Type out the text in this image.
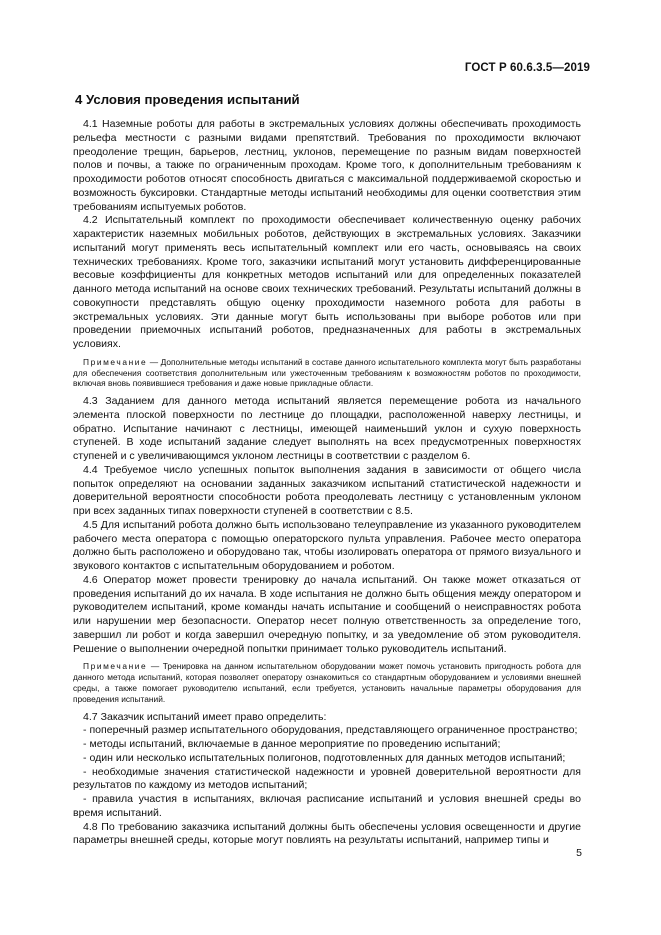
ГОСТ Р 60.6.3.5—2019
4 Условия проведения испытаний

4.1 Наземные роботы для работы в экстремальных условиях должны обеспечивать проходимость рельефа местности с разными видами препятствий. Требования по проходимости включают преодоление трещин, барьеров, лестниц, уклонов, перемещение по разным видам поверхностей полов и почвы, а также по ограниченным проходам. Кроме того, к дополнительным требованиям к проходимости роботов относят способность двигаться с максимальной поддерживаемой скоростью и возможность буксировки. Стандартные методы испытаний необходимы для оценки соответствия этим требованиям испытуемых роботов.

4.2 Испытательный комплект по проходимости обеспечивает количественную оценку рабочих характеристик наземных мобильных роботов, действующих в экстремальных условиях. Заказчики испытаний могут применять весь испытательный комплект или его часть, основываясь на своих технических требованиях. Кроме того, заказчики испытаний могут установить дифференцированные весовые коэффициенты для конкретных методов испытаний или для определенных показателей данного метода испытаний на основе своих технических требований. Результаты испытаний должны в совокупности представлять общую оценку проходимости наземного робота для работы в экстремальных условиях. Эти данные могут быть использованы при выборе роботов или при проведении приемочных испытаний роботов, предназначенных для работы в экстремальных условиях.

Примечание — Дополнительные методы испытаний в составе данного испытательного комплекта могут быть разработаны для обеспечения соответствия дополнительным или ужесточенным требованиям к возможностям роботов по проходимости, включая вновь появившиеся требования и даже новые прикладные области.

4.3 Заданием для данного метода испытаний является перемещение робота из начального элемента плоской поверхности по лестнице до площадки, расположенной наверху лестницы, и обратно. Испытание начинают с лестницы, имеющей наименьший уклон и сухую поверхность ступеней. В ходе испытаний задание следует выполнять на всех предусмотренных поверхностях ступеней и с увеличивающимся уклоном лестницы в соответствии с разделом 6.

4.4 Требуемое число успешных попыток выполнения задания в зависимости от общего числа попыток определяют на основании заданных заказчиком испытаний статистической надежности и доверительной вероятности способности робота преодолевать лестницу с установленным уклоном при всех заданных типах поверхности ступеней в соответствии с 8.5.

4.5 Для испытаний робота должно быть использовано телеуправление из указанного руководителем рабочего места оператора с помощью операторского пульта управления. Рабочее место оператора должно быть расположено и оборудовано так, чтобы изолировать оператора от прямого визуального и звукового контактов с испытательным оборудованием и роботом.

4.6 Оператор может провести тренировку до начала испытаний. Он также может отказаться от проведения испытаний до их начала. В ходе испытания не должно быть общения между оператором и руководителем испытаний, кроме команды начать испытание и сообщений о неисправностях робота или нарушении мер безопасности. Оператор несет полную ответственность за определение того, завершил ли робот и когда завершил очередную попытку, и за уведомление об этом руководителя. Решение о выполнении очередной попытки принимает только руководитель испытаний.

Примечание — Тренировка на данном испытательном оборудовании может помочь установить пригодность робота для данного метода испытаний, которая позволяет оператору ознакомиться со стандартным оборудованием и условиями внешней среды, а также помогает руководителю испытаний, если требуется, установить начальные параметры оборудования для проведения испытаний.

4.7 Заказчик испытаний имеет право определить:

- поперечный размер испытательного оборудования, представляющего ограниченное пространство;

- методы испытаний, включаемые в данное мероприятие по проведению испытаний;

- один или несколько испытательных полигонов, подготовленных для данных методов испытаний;

- необходимые значения статистической надежности и уровней доверительной вероятности для результатов по каждому из методов испытаний;

- правила участия в испытаниях, включая расписание испытаний и условия внешней среды во время испытаний.

4.8 По требованию заказчика испытаний должны быть обеспечены условия освещенности и другие параметры внешней среды, которые могут повлиять на результаты испытаний, например типы и

5
